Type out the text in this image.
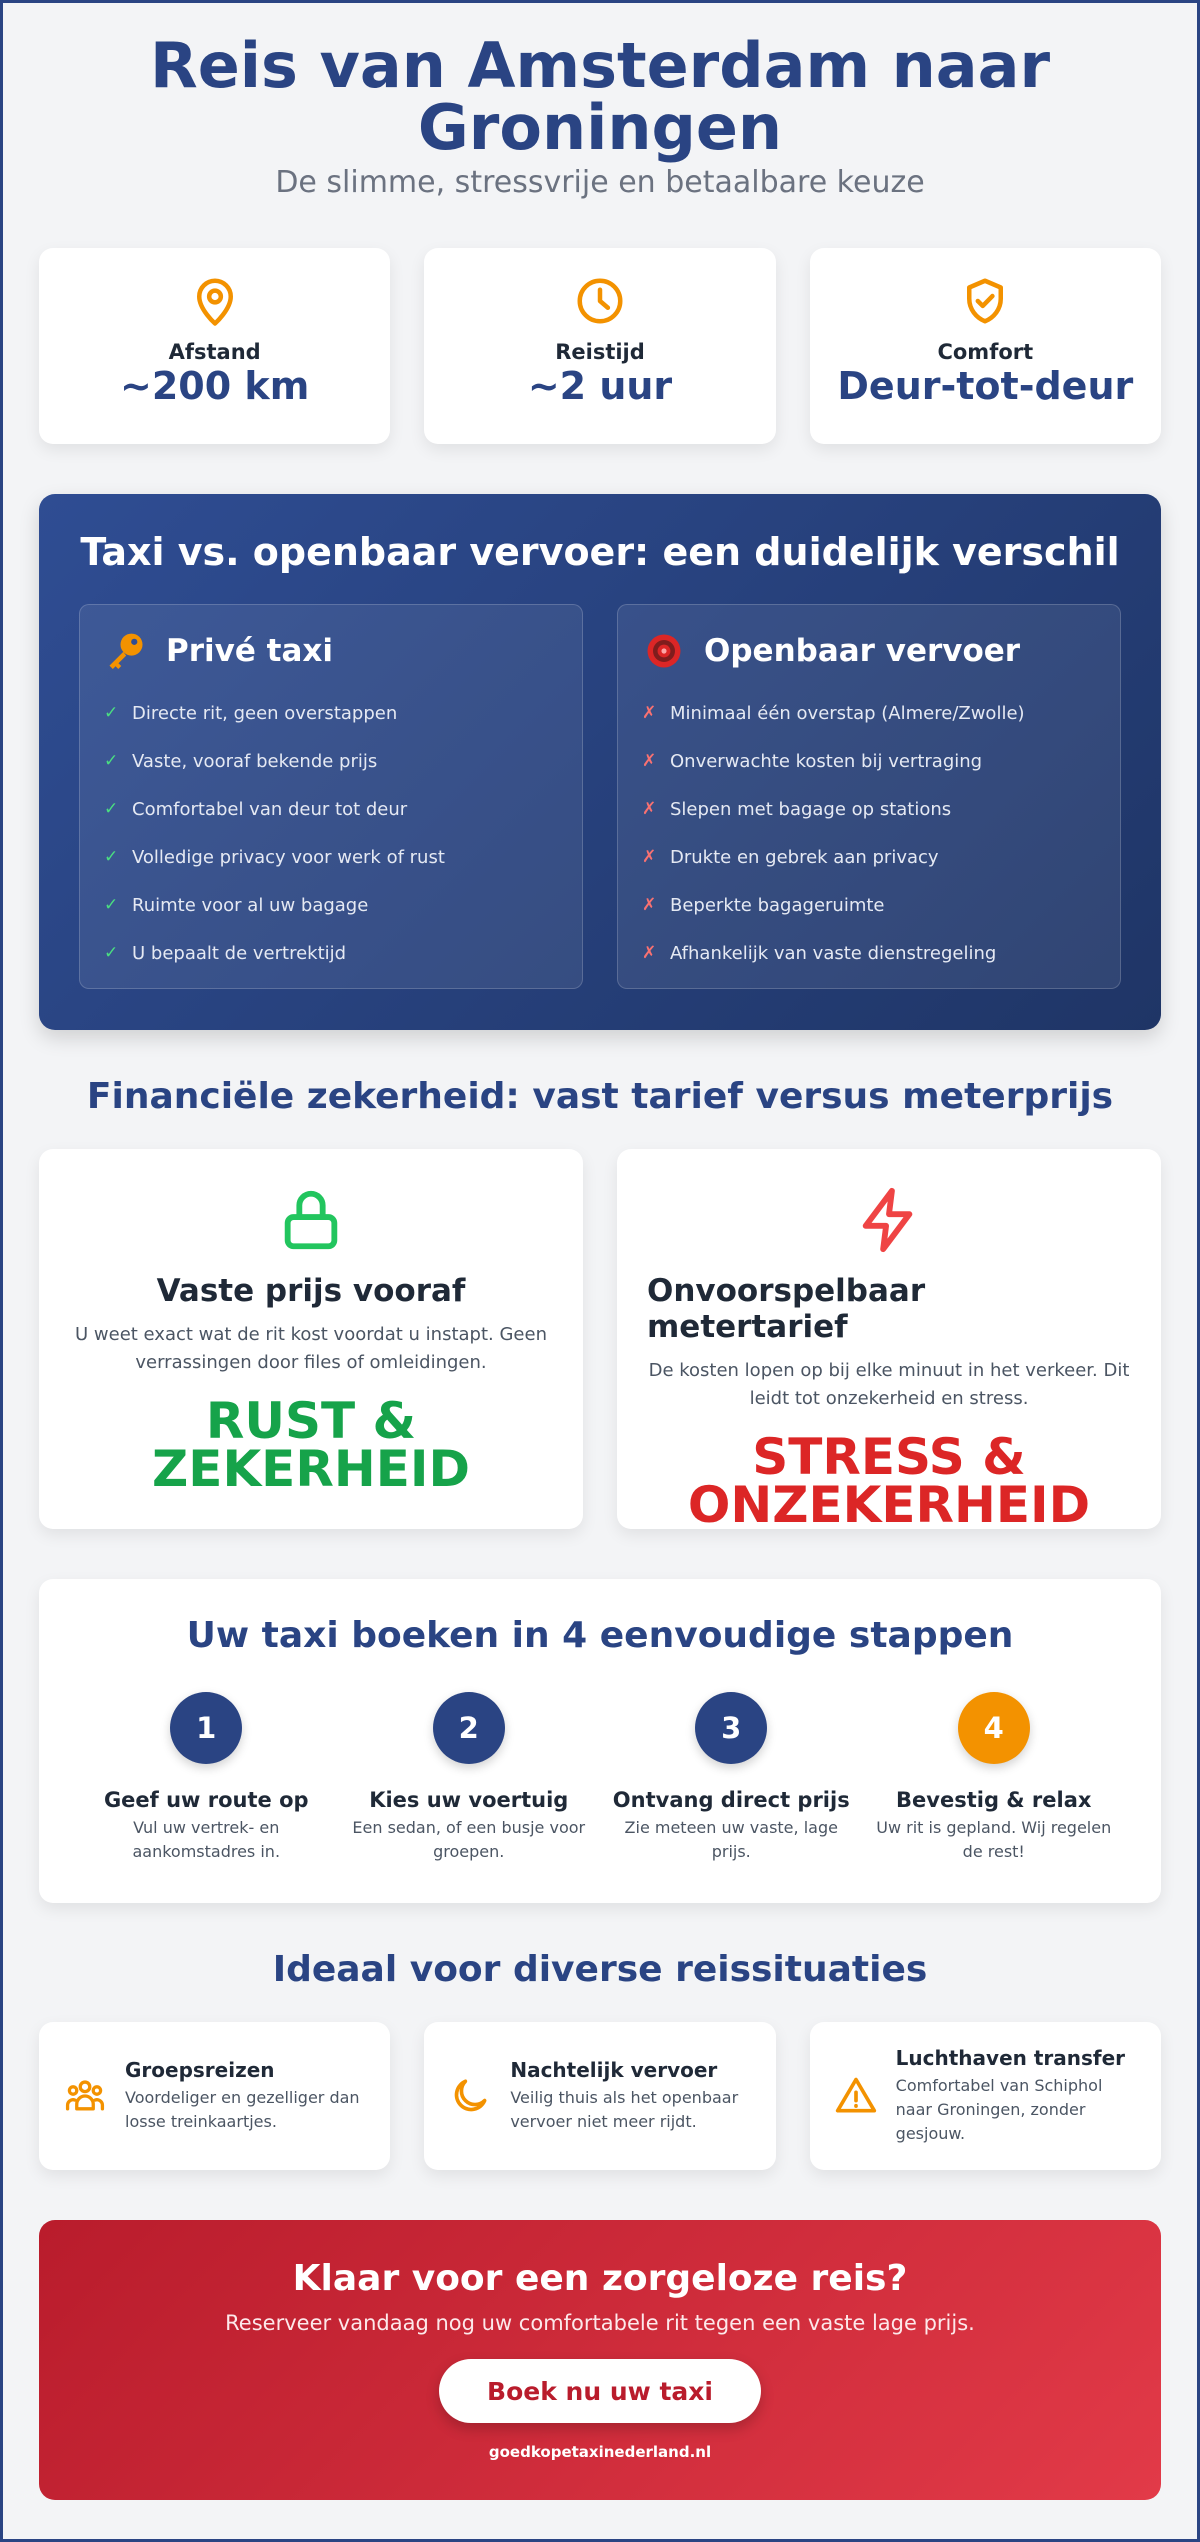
Reis van Amsterdam naar Groningen
De slimme, stressvrije en betaalbare keuze
Afstand
~200 km
Reistijd
~2 uur
Comfort
Deur-tot-deur
Taxi vs. openbaar vervoer: een duidelijk verschil
Privé taxi
✓ Directe rit, geen overstappen
✓ Vaste, vooraf bekende prijs
✓ Comfortabel van deur tot deur
✓ Volledige privacy voor werk of rust
✓ Ruimte voor al uw bagage
✓ U bepaalt de vertrektijd
Openbaar vervoer
✗ Minimaal één overstap (Almere/Zwolle)
✗ Onverwachte kosten bij vertraging
✗ Slepen met bagage op stations
✗ Drukte en gebrek aan privacy
✗ Beperkte bagageruimte
✗ Afhankelijk van vaste dienstregeling
Financiële zekerheid: vast tarief versus meterprijs
Vaste prijs vooraf
U weet exact wat de rit kost voordat u instapt. Geen verrassingen door files of omleidingen.
RUST & ZEKERHEID
Onvoorspelbaar metertarief
De kosten lopen op bij elke minuut in het verkeer. Dit leidt tot onzekerheid en stress.
STRESS & ONZEKERHEID
Uw taxi boeken in 4 eenvoudige stappen
1
Geef uw route op
Vul uw vertrek- en aankomstadres in.
2
Kies uw voertuig
Een sedan, of een busje voor groepen.
3
Ontvang direct prijs
Zie meteen uw vaste, lage prijs.
4
Bevestig & relax
Uw rit is gepland. Wij regelen de rest!
Ideaal voor diverse reissituaties
Groepsreizen
Voordeliger en gezelliger dan losse treinkaartjes.
Nachtelijk vervoer
Veilig thuis als het openbaar vervoer niet meer rijdt.
Luchthaven transfer
Comfortabel van Schiphol naar Groningen, zonder gesjouw.
Klaar voor een zorgeloze reis?
Reserveer vandaag nog uw comfortabele rit tegen een vaste lage prijs.
Boek nu uw taxi
goedkopetaxinederland.nl
